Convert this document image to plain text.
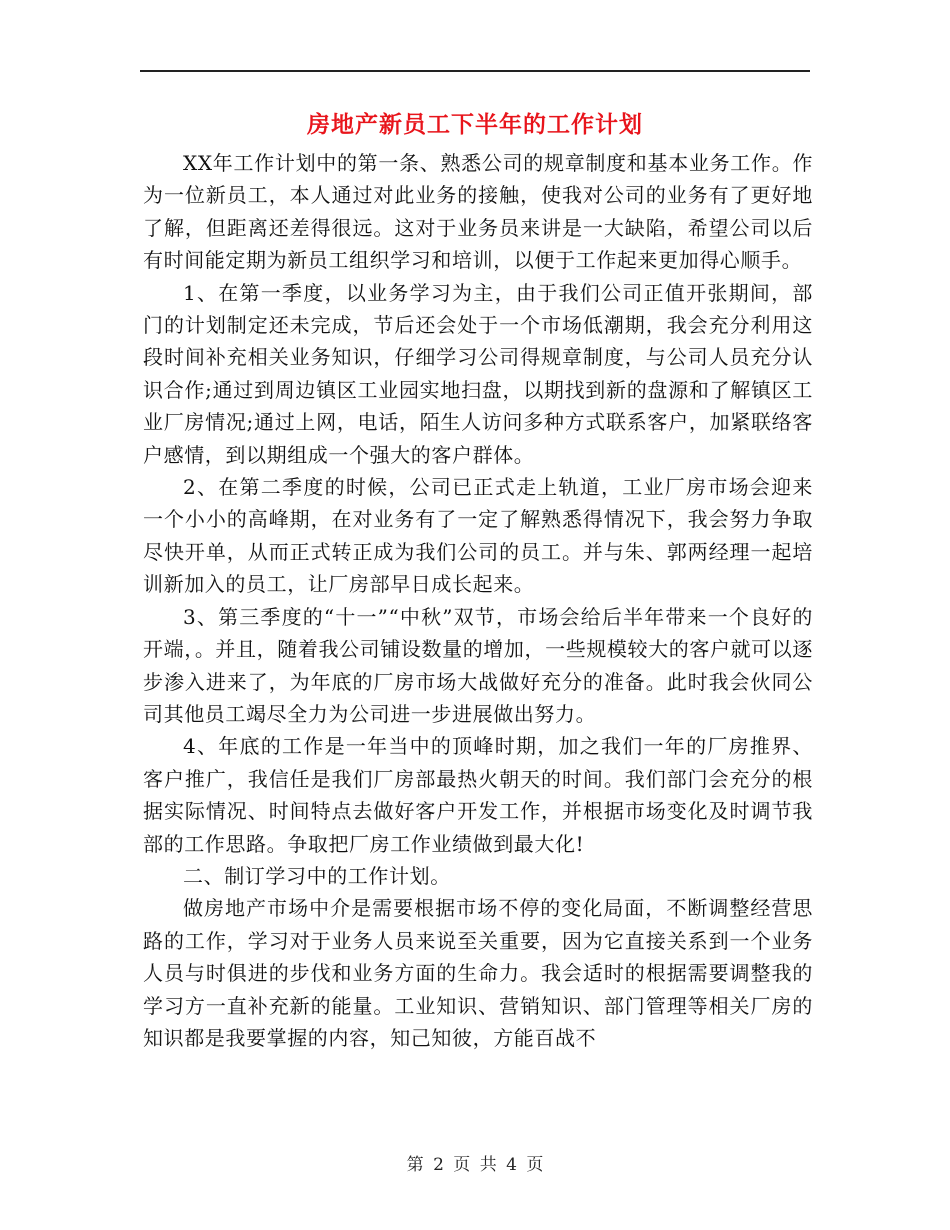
房地产新员工下半年的工作计划

XX年工作计划中的第一条、熟悉公司的规章制度和基本业务工作。作为一位新员工，本人通过对此业务的接触，使我对公司的业务有了更好地了解，但距离还差得很远。这对于业务员来讲是一大缺陷，希望公司以后有时间能定期为新员工组织学习和培训，以便于工作起来更加得心顺手。

1、在第一季度，以业务学习为主，由于我们公司正值开张期间，部门的计划制定还未完成，节后还会处于一个市场低潮期，我会充分利用这段时间补充相关业务知识，仔细学习公司得规章制度，与公司人员充分认识合作;通过到周边镇区工业园实地扫盘，以期找到新的盘源和了解镇区工业厂房情况;通过上网，电话，陌生人访问多种方式联系客户，加紧联络客户感情，到以期组成一个强大的客户群体。

2、在第二季度的时候，公司已正式走上轨道，工业厂房市场会迎来一个小小的高峰期，在对业务有了一定了解熟悉得情况下，我会努力争取尽快开单，从而正式转正成为我们公司的员工。并与朱、郭两经理一起培训新加入的员工，让厂房部早日成长起来。

3、第三季度的“十一”“中秋”双节，市场会给后半年带来一个良好的开端，。并且，随着我公司铺设数量的增加，一些规模较大的客户就可以逐步渗入进来了，为年底的厂房市场大战做好充分的准备。此时我会伙同公司其他员工竭尽全力为公司进一步进展做出努力。

4、年底的工作是一年当中的顶峰时期，加之我们一年的厂房推界、客户推广，我信任是我们厂房部最热火朝天的时间。我们部门会充分的根据实际情况、时间特点去做好客户开发工作，并根据市场变化及时调节我部的工作思路。争取把厂房工作业绩做到最大化!

二、制订学习中的工作计划。

做房地产市场中介是需要根据市场不停的变化局面，不断调整经营思路的工作，学习对于业务人员来说至关重要，因为它直接关系到一个业务人员与时俱进的步伐和业务方面的生命力。我会适时的根据需要调整我的学习方一直补充新的能量。工业知识、营销知识、部门管理等相关厂房的知识都是我要掌握的内容，知己知彼，方能百战不

第 2 页 共 4 页
